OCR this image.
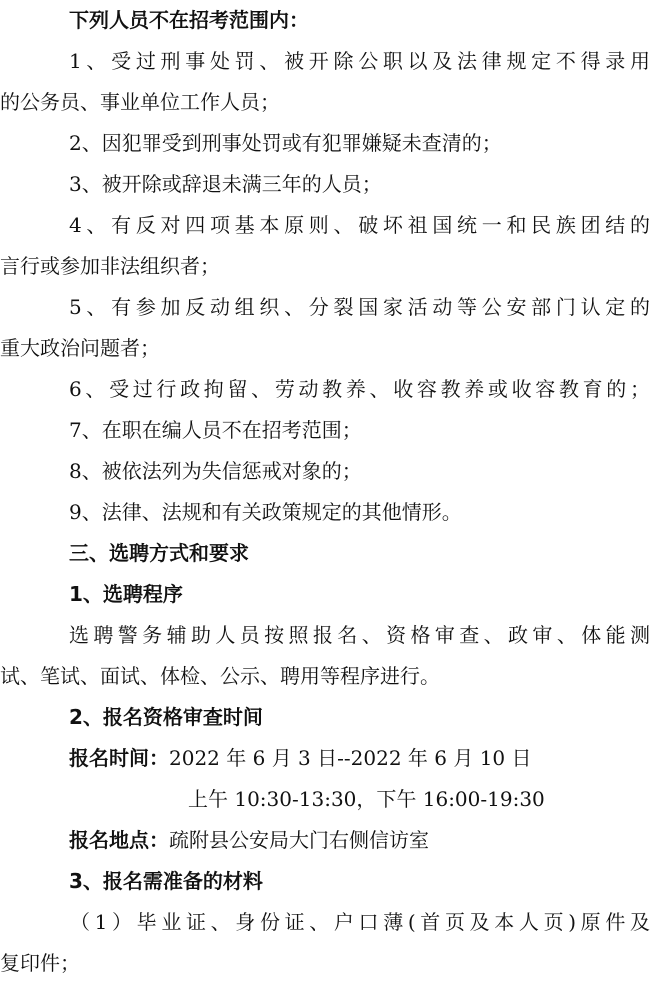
下列人员不在招考范围内：
1、受过刑事处罚、被开除公职以及法律规定不得录用
的公务员、事业单位工作人员；
2、因犯罪受到刑事处罚或有犯罪嫌疑未查清的；
3、被开除或辞退未满三年的人员；
4、有反对四项基本原则、破坏祖国统一和民族团结的
言行或参加非法组织者；
5、有参加反动组织、分裂国家活动等公安部门认定的
重大政治问题者；
6、受过行政拘留、劳动教养、收容教养或收容教育的；
7、在职在编人员不在招考范围；
8、被依法列为失信惩戒对象的；
9、法律、法规和有关政策规定的其他情形。
三、选聘方式和要求
1、选聘程序
选聘警务辅助人员按照报名、资格审查、政审、体能测
试、笔试、面试、体检、公示、聘用等程序进行。
2、报名资格审查时间
报名时间：2022 年 6 月 3 日--2022 年 6 月 10 日
上午 10:30-13:30，下午 16:00-19:30
报名地点：疏附县公安局大门右侧信访室
3、报名需准备的材料
（1）毕业证、身份证、户口薄(首页及本人页)原件及
复印件；
